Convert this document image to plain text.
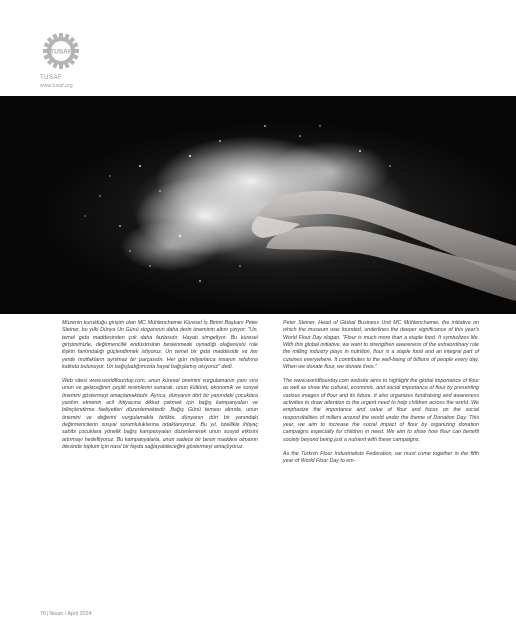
TUSAF
TUSAF
www.tusaf.org

Müzenin kurulduğu girişim olan MC Mühlenchemie Küresel İş Birimi Başkanı Peter Steiner, bu yılki Dünya Un Günü sloganının daha derin öneminin altını çiziyor: "Un, temel gıda maddesinden çok daha fazlasıdır. Hayatı simgeliyor. Bu küresel girişimimizle, değirmencilik endüstrisinin beslenmede oynadığı olağanüstü role ilişkin farkındalığı güçlendirmek istiyoruz. Un temel bir gıda maddesidir ve her yerde mutfakların ayrılmaz bir parçasıdır. Her gün milyarlarca insanın refahına katkıda bulunuyor. Un bağışladığımızda hayat bağışlamış oluyoruz" dedi.

Web sitesi www.worldflourday.com, unun küresel önemini vurgulamanın yanı sıra unun ve geleceğinin çeşitli resimlerini sunarak, unun kültürel, ekonomik ve sosyal önemini göstermeyi amaçlamaktadır. Ayrıca, dünyanın dört bir yanındaki çocuklara yardım etmenin acil ihtiyacına dikkat çekmek için bağış kampanyaları ve bilinçlendirme faaliyetleri düzenlemektedir. Bağış Günü teması altında, unun önemini ve değerini vurgulamakla birlikte, dünyanın dört bir yanındaki değirmencilerin sosyal sorumluluklarına odaklanıyoruz. Bu yıl, özellikle ihtiyaç sahibi çocuklara yönelik bağış kampanyaları düzenlenerek unun sosyal etkisini artırmayı hedefliyoruz. Bu kampanyalarla, unun sadece bir besin maddesi olmanın ötesinde toplum için nasıl bir fayda sağlayabileceğini göstermeyi amaçlıyoruz.

Peter Steiner, Head of Global Business Unit MC Mühlenchemie, the initiative on which the museum was founded, underlines the deeper significance of this year's World Flour Day slogan. "Flour is much more than a staple food. It symbolizes life. With this global initiative, we want to strengthen awareness of the extraordinary role the milling industry plays in nutrition, flour is a staple food and an integral part of cuisines everywhere. It contributes to the well-being of billions of people every day. When we donate flour, we donate lives."

The www.worldflourday.com website aims to highlight the global importance of flour as well as show the cultural, economic, and social importance of flour by presenting various images of flour and its future. It also organizes fundraising and awareness activities to draw attention to the urgent need to help children across the world. We emphasize the importance and value of flour and focus on the social responsibilities of millers around the world under the theme of Donation Day. This year, we aim to increase the social impact of flour by organizing donation campaigns especially for children in need. We aim to show how flour can benefit society beyond being just a nutrient with these campaigns,

As the Turkish Flour Industrialists Federation, we must come together in the fifth year of World Flour Day to em-

76|Nisan / April 2024
